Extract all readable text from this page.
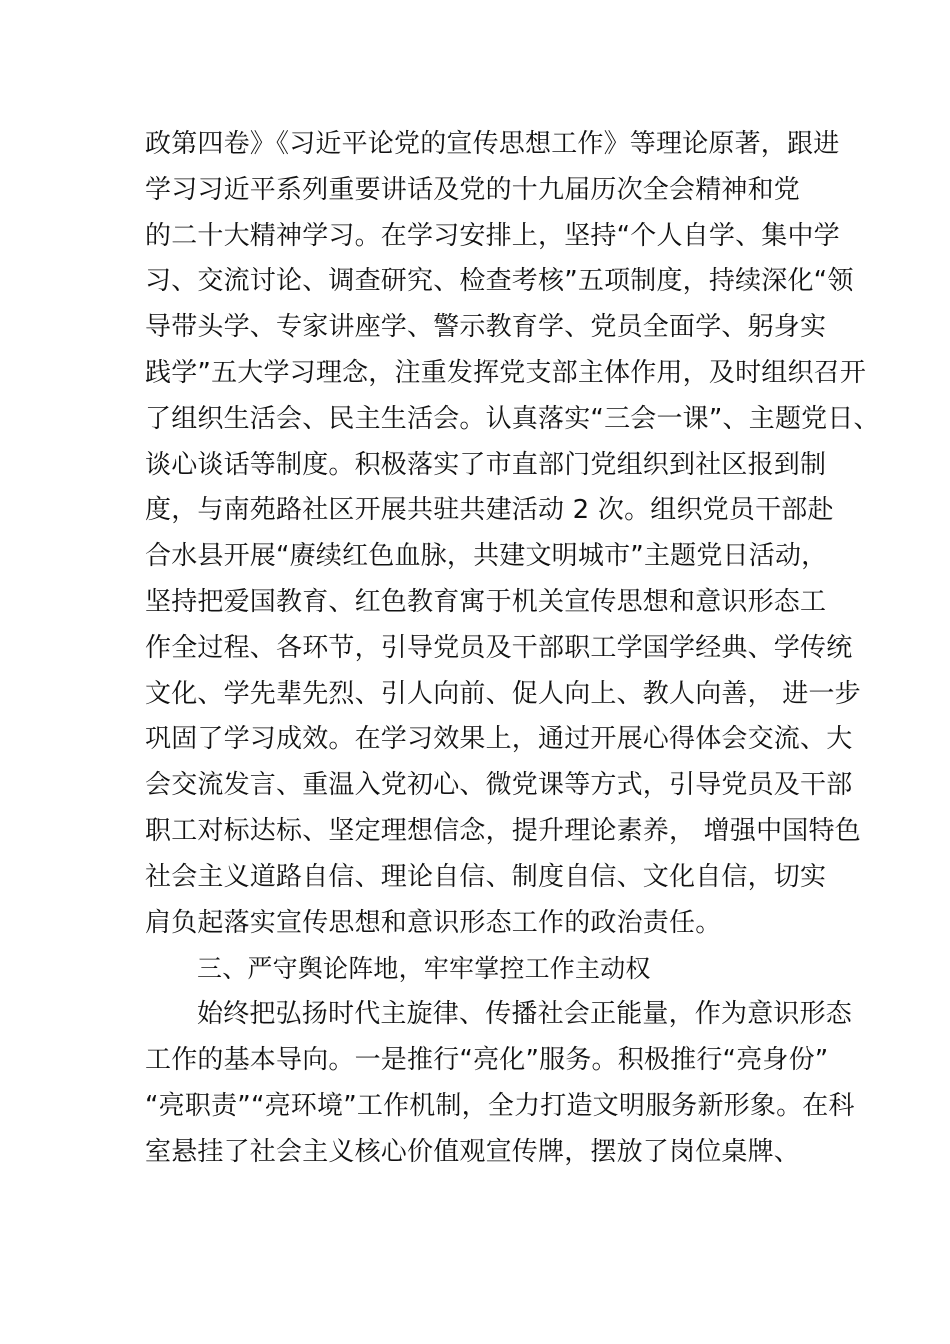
政第四卷》《习近平论党的宣传思想工作》等理论原著，跟进
学习习近平系列重要讲话及党的十九届历次全会精神和党
的二十大精神学习。在学习安排上，坚持“个人自学、集中学
习、交流讨论、调查研究、检查考核”五项制度，持续深化“领
导带头学、专家讲座学、警示教育学、党员全面学、躬身实
践学”五大学习理念，注重发挥党支部主体作用，及时组织召开
了组织生活会、民主生活会。认真落实“三会一课”、主题党日、
谈心谈话等制度。积极落实了市直部门党组织到社区报到制
度，与南苑路社区开展共驻共建活动 2 次。组织党员干部赴
合水县开展“赓续红色血脉，共建文明城市”主题党日活动，
坚持把爱国教育、红色教育寓于机关宣传思想和意识形态工
作全过程、各环节，引导党员及干部职工学国学经典、学传统
文化、学先辈先烈、引人向前、促人向上、教人向善， 进一步
巩固了学习成效。在学习效果上，通过开展心得体会交流、大
会交流发言、重温入党初心、微党课等方式，引导党员及干部
职工对标达标、坚定理想信念，提升理论素养， 增强中国特色
社会主义道路自信、理论自信、制度自信、文化自信，切实
肩负起落实宣传思想和意识形态工作的政治责任。
三、严守舆论阵地，牢牢掌控工作主动权
始终把弘扬时代主旋律、传播社会正能量，作为意识形态
工作的基本导向。一是推行“亮化”服务。积极推行“亮身份”
“亮职责”“亮环境”工作机制，全力打造文明服务新形象。在科
室悬挂了社会主义核心价值观宣传牌，摆放了岗位桌牌、
